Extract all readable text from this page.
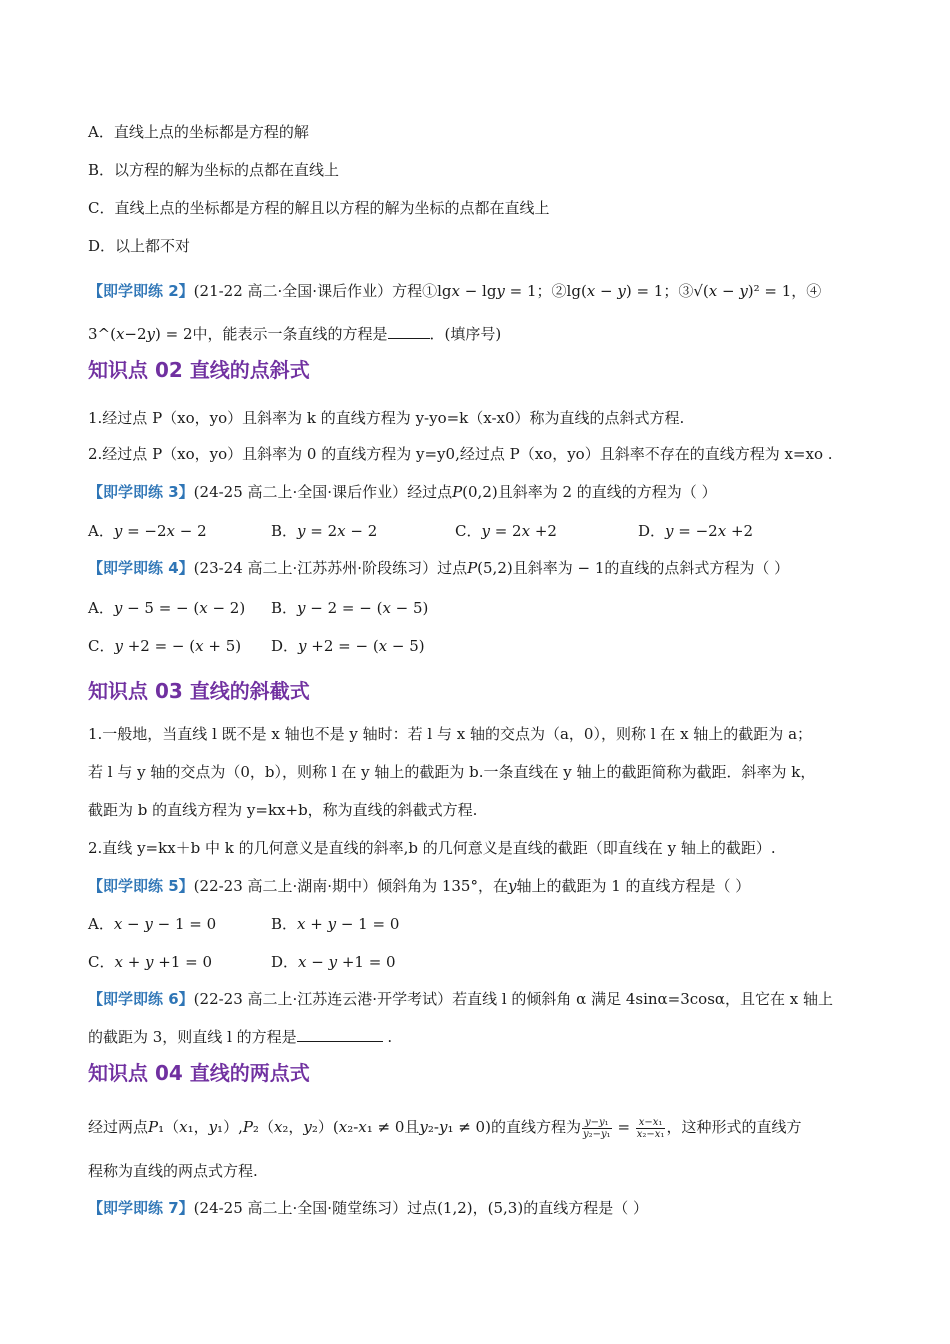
A．直线上点的坐标都是方程的解
B．以方程的解为坐标的点都在直线上
C．直线上点的坐标都是方程的解且以方程的解为坐标的点都在直线上
D．以上都不对
【即学即练 2】(21-22 高二·全国·课后作业）方程①lg𝑥 − lg𝑦 = 1；②lg(𝑥 − 𝑦) = 1；③√(𝑥 − 𝑦)² = 1，④
3^(𝑥−2𝑦) = 2中，能表示一条直线的方程是	．(填序号)
知识点 02 直线的点斜式
1.经过点 P（xo，yo）且斜率为 k 的直线方程为 y-yo=k（x-x0）称为直线的点斜式方程.
2.经过点 P（xo，yo）且斜率为 0 的直线方程为 y=y0,经过点 P（xo，yo）且斜率不存在的直线方程为 x=xo .
【即学即练 3】(24-25 高二上·全国·课后作业）经过点𝑃(0,2)且斜率为 2 的直线的方程为（ ）
A．𝑦 = −2𝑥 − 2	B．𝑦 = 2𝑥 − 2	C．𝑦 = 2𝑥 +2	D．𝑦 = −2𝑥 +2
【即学即练 4】(23-24 高二上·江苏苏州·阶段练习）过点𝑃(5,2)且斜率为 − 1的直线的点斜式方程为（ ）
A．𝑦 − 5 = − (𝑥 − 2) B．𝑦 − 2 = − (𝑥 − 5)
C．𝑦 +2 = − (𝑥 + 5) D．𝑦 +2 = − (𝑥 − 5)
知识点 03 直线的斜截式
1.一般地，当直线 l 既不是 x 轴也不是 y 轴时：若 l 与 x 轴的交点为（a，0），则称 l 在 x 轴上的截距为 a；
若 l 与 y 轴的交点为（0，b），则称 l 在 y 轴上的截距为 b.一条直线在 y 轴上的截距简称为截距．斜率为 k，
截距为 b 的直线方程为 y=kx+b，称为直线的斜截式方程.
2.直线 y=kx＋b 中 k 的几何意义是直线的斜率,b 的几何意义是直线的截距（即直线在 y 轴上的截距）.
【即学即练 5】(22-23 高二上·湖南·期中）倾斜角为 135°，在𝑦轴上的截距为 1 的直线方程是（ ）
A．𝑥 − 𝑦 − 1 = 0	B．𝑥 + 𝑦 − 1 = 0
C．𝑥 + 𝑦 +1 = 0	D．𝑥 − 𝑦 +1 = 0
【即学即练 6】(22-23 高二上·江苏连云港·开学考试）若直线 l 的倾斜角 α 满足 4sinα=3cosα，且它在 x 轴上
的截距为 3，则直线 l 的方程是	.
知识点 04 直线的两点式
经过两点𝑃₁（𝑥₁，𝑦₁）,𝑃₂（𝑥₂，𝑦₂）(𝑥₂-𝑥₁ ≠ 0且𝑦₂-𝑦₁ ≠ 0)的直线方程为 $\frac{\text{𝑦−𝑦₁}}{\text{𝑦₂−𝑦₁}} = \frac{\text{𝑥−𝑥₁}}{\text{𝑥₂−𝑥₁}}$ ，这种形式的直线方
程称为直线的两点式方程.
【即学即练 7】(24-25 高二上·全国·随堂练习）过点(1,2)，(5,3)的直线方程是（ ）
